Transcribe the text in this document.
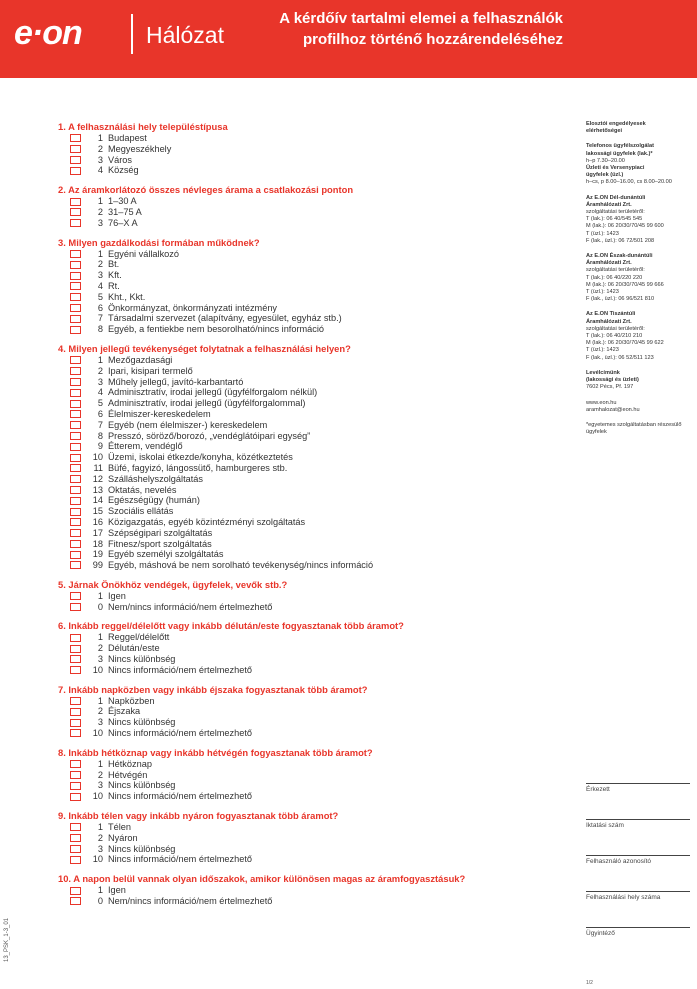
e·on	Hálózat
A kérdőív tartalmi elemei a felhasználók
profilhoz történő hozzárendeléséhez
1. A felhasználási hely településtípusa
1 Budapest
2 Megyeszékhely
3 Város
4 Község
2. Az áramkorlátozó összes névleges árama a csatlakozási ponton
1 1–30 A
2 31–75 A
3 76–X A
3. Milyen gazdálkodási formában működnek?
1 Egyéni vállalkozó
2 Bt.
3 Kft.
4 Rt.
5 Kht., Kkt.
6 Önkormányzat, önkormányzati intézmény
7 Társadalmi szervezet (alapítvány, egyesület, egyház stb.)
8 Egyéb, a fentiekbe nem besorolható/nincs információ
4. Milyen jellegű tevékenységet folytatnak a felhasználási helyen?
1 Mezőgazdasági
2 Ipari, kisipari termelő
3 Műhely jellegű, javító-karbantartó
4 Adminisztratív, irodai jellegű (ügyfélforgalom nélkül)
5 Adminisztratív, irodai jellegű (ügyfélforgalommal)
6 Élelmiszer-kereskedelem
7 Egyéb (nem élelmiszer-) kereskedelem
8 Presszó, söröző/borozó, „vendéglátóipari egység”
9 Étterem, vendéglő
10 Üzemi, iskolai étkezde/konyha, közétkeztetés
11 Büfé, fagyizó, lángossütő, hamburgeres stb.
12 Szálláshelyszolgáltatás
13 Oktatás, nevelés
14 Egészségügy (humán)
15 Szociális ellátás
16 Közigazgatás, egyéb közintézményi szolgáltatás
17 Szépségipari szolgáltatás
18 Fitnesz/sport szolgáltatás
19 Egyéb személyi szolgáltatás
99 Egyéb, máshová be nem sorolható tevékenység/nincs információ
5. Járnak Önökhöz vendégek, ügyfelek, vevők stb.?
1 Igen
0 Nem/nincs információ/nem értelmezhető
6. Inkább reggel/délelőtt vagy inkább délután/este fogyasztanak több áramot?
1 Reggel/délelőtt
2 Délután/este
3 Nincs különbség
10 Nincs információ/nem értelmezhető
7. Inkább napközben vagy inkább éjszaka fogyasztanak több áramot?
1 Napközben
2 Éjszaka
3 Nincs különbség
10 Nincs információ/nem értelmezhető
8. Inkább hétköznap vagy inkább hétvégén fogyasztanak több áramot?
1 Hétköznap
2 Hétvégén
3 Nincs különbség
10 Nincs információ/nem értelmezhető
9. Inkább télen vagy inkább nyáron fogyasztanak több áramot?
1 Télen
2 Nyáron
3 Nincs különbség
10 Nincs információ/nem értelmezhető
10. A napon belül vannak olyan időszakok, amikor különösen magas az áramfogyasztásuk?
1 Igen
0 Nem/nincs információ/nem értelmezhető
Elosztói engedélyesek
elérhetőségei
Telefonos ügyfélszolgálat
lakossági ügyfelek (lak.)*
h–p 7.30–20.00
Üzleti és Versenypiaci
ügyfelek (üzl.)
h–cs, p 8.00–16.00, cs 8.00–20.00
Az E.ON Dél-dunántúli
Áramhálózati Zrt.
szolgáltatási területéről:
T (lak.): 06 40/545 545
M (lak.): 06 20/30/70/45 99 600
T (üzl.): 1423
F (lak., üzl.): 06 72/501 208
Az E.ON Észak-dunántúli
Áramhálózati Zrt.
szolgáltatási területéről:
T (lak.): 06 40/220 220
M (lak.): 06 20/30/70/45 99 666
T (üzl.): 1423
F (lak., üzl.): 06 96/521 810
Az E.ON Tiszántúli
Áramhálózati Zrt.
szolgáltatási területéről:
T (lak.): 06 40/210 210
M (lak.): 06 20/30/70/45 99 622
T (üzl.): 1423
F (lak., üzl.): 06 52/511 123
Levélcímünk
(lakossági és üzleti)
7602 Pécs, Pf. 197
www.eon.hu
aramhalozat@eon.hu
*egyetemes szolgáltatásban részesülő
ügyfelek
Érkezett
Iktatási szám
Felhasználó azonosító
Felhasználási hely száma
Ügyintéző
13_PSK_1-3_01
1/2
